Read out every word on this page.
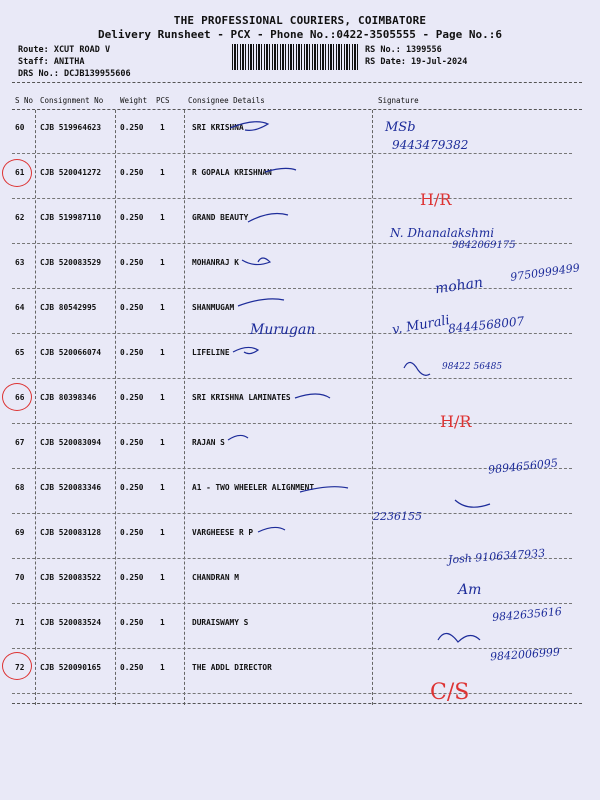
THE PROFESSIONAL COURIERS, COIMBATORE
Delivery Runsheet - PCX - Phone No.:0422-3505555 - Page No.:6
Route: XCUT ROAD V
Staff: ANITHA
DRS No.: DCJB139955606
RS No.: 1399556
RS Date: 19-Jul-2024
S No Consignment No Weight PCS Consignee Details	Signature
60 CJB 519964623 0.250 1	SRI KRISHNA
61 CJB 520041272 0.250 1	R GOPALA KRISHNAN
62 CJB 519987110 0.250 1	GRAND BEAUTY
63 CJB 520083529 0.250 1	MOHANRAJ K
64 CJB 80542995	0.250 1	SHANMUGAM
65 CJB 520066074 0.250 1	LIFELINE
66 CJB 80398346	0.250 1	SRI KRISHNA LAMINATES
67 CJB 520083094 0.250 1	RAJAN S
68 CJB 520083346 0.250 1	A1 - TWO WHEELER ALIGNMENT
69 CJB 520083128 0.250 1	VARGHEESE R P
70 CJB 520083522 0.250 1	CHANDRAN M
71 CJB 520083524 0.250 1	DURAISWAMY S
72 CJB 520090165 0.250 1	THE ADDL DIRECTOR
MSb
9443479382
H/R
N. Dhanalakshmi
9842069175
mohan
9750999499
v. Murali
8444568007
Murugan
98422 56485
H/R
9894656095
2236155
Josh 9106347933
Am
9842635616
9842006999
C/S
